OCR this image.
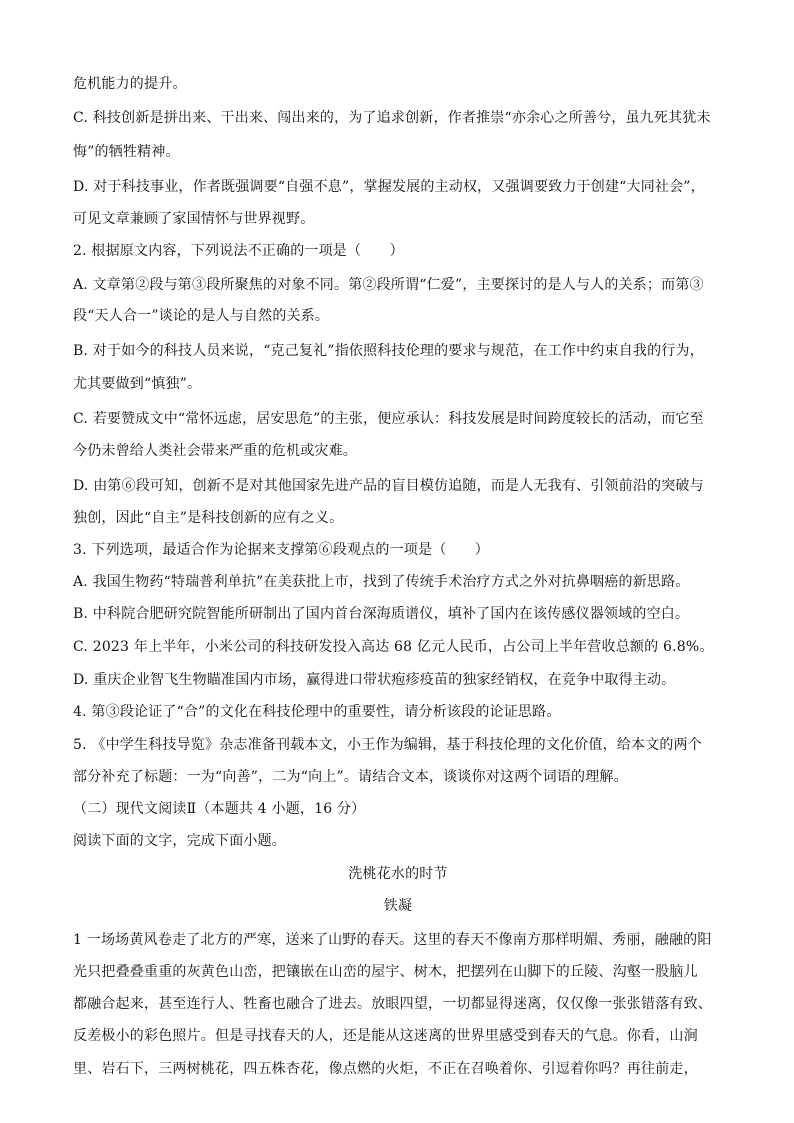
危机能力的提升。
C. 科技创新是拼出来、干出来、闯出来的，为了追求创新，作者推崇“亦余心之所善兮，虽九死其犹未
悔”的牺牲精神。
D. 对于科技事业，作者既强调要“自强不息”，掌握发展的主动权，又强调要致力于创建“大同社会”，
可见文章兼顾了家国情怀与世界视野。
2. 根据原文内容，下列说法不正确的一项是（　　）
A. 文章第②段与第③段所聚焦的对象不同。第②段所谓“仁爱”，主要探讨的是人与人的关系；而第③
段“天人合一”谈论的是人与自然的关系。
B. 对于如今的科技人员来说，“克己复礼”指依照科技伦理的要求与规范，在工作中约束自我的行为，
尤其要做到“慎独”。
C. 若要赞成文中“常怀远虑，居安思危”的主张，便应承认：科技发展是时间跨度较长的活动，而它至
今仍未曾给人类社会带来严重的危机或灾难。
D. 由第⑥段可知，创新不是对其他国家先进产品的盲目模仿追随，而是人无我有、引领前沿的突破与
独创，因此“自主”是科技创新的应有之义。
3. 下列选项，最适合作为论据来支撑第⑥段观点的一项是（　　）
A. 我国生物药“特瑞普利单抗”在美获批上市，找到了传统手术治疗方式之外对抗鼻咽癌的新思路。
B. 中科院合肥研究院智能所研制出了国内首台深海质谱仪，填补了国内在该传感仪器领域的空白。
C. 2023 年上半年，小米公司的科技研发投入高达 68 亿元人民币，占公司上半年营收总额的 6.8%。
D. 重庆企业智飞生物瞄准国内市场，赢得进口带状疱疹疫苗的独家经销权，在竞争中取得主动。
4. 第③段论证了“合”的文化在科技伦理中的重要性，请分析该段的论证思路。
5. 《中学生科技导览》杂志准备刊载本文，小王作为编辑，基于科技伦理的文化价值，给本文的两个
部分补充了标题：一为“向善”，二为“向上”。请结合文本，谈谈你对这两个词语的理解。
（二）现代文阅读Ⅱ（本题共 4 小题，16 分）
阅读下面的文字，完成下面小题。
洗桃花水的时节
铁凝
1 一场场黄风卷走了北方的严寒，送来了山野的春天。这里的春天不像南方那样明媚、秀丽，融融的阳
光只把叠叠重重的灰黄色山峦，把镶嵌在山峦的屋宇、树木，把摆列在山脚下的丘陵、沟壑一股脑儿
都融合起来，甚至连行人、牲畜也融合了进去。放眼四望，一切都显得迷离，仅仅像一张张错落有致、
反差极小的彩色照片。但是寻找春天的人，还是能从这迷离的世界里感受到春天的气息。你看，山涧
里、岩石下，三两树桃花，四五株杏花，像点燃的火炬，不正在召唤着你、引逗着你吗？再往前走，
